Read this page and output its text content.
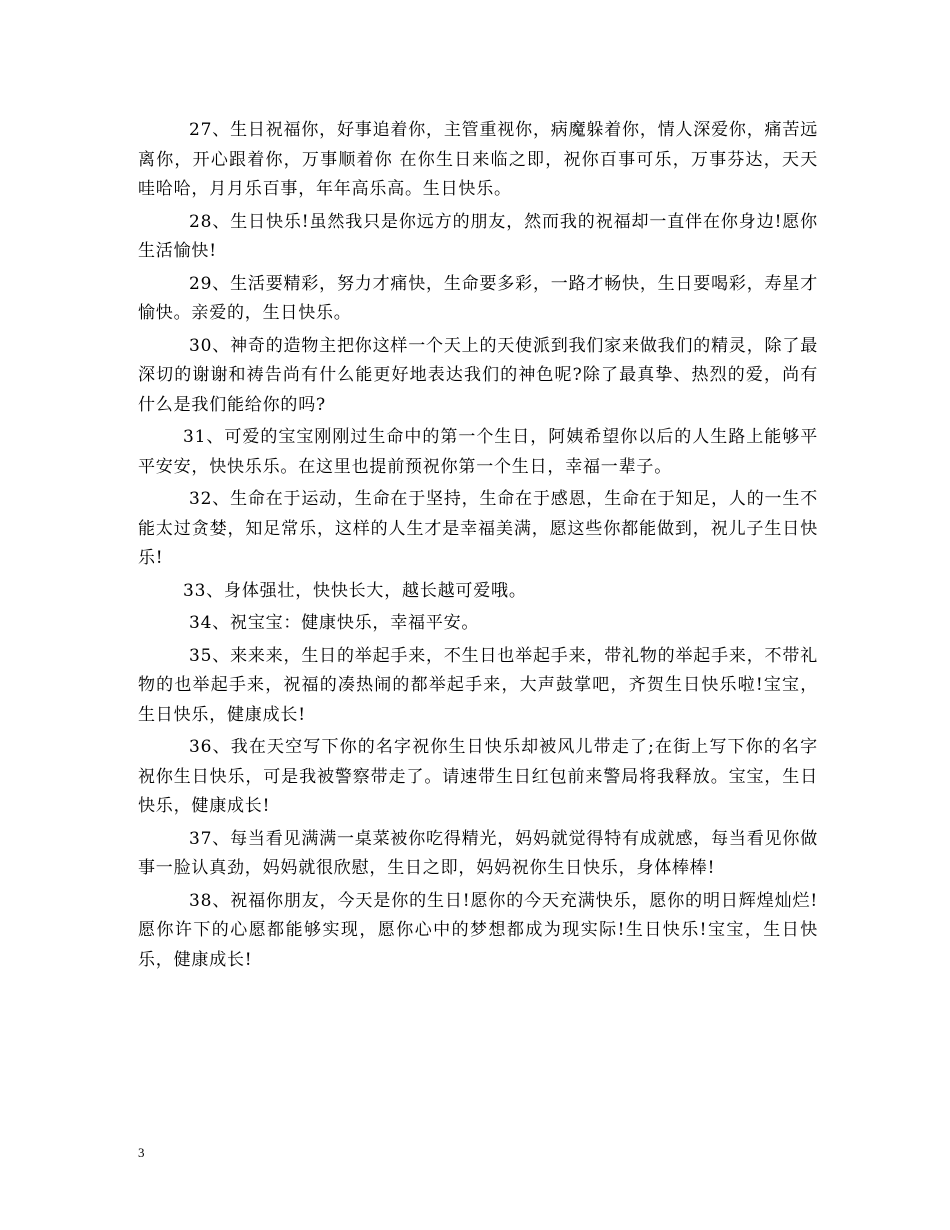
27、生日祝福你，好事追着你，主管重视你，病魔躲着你，情人深爱你，痛苦远离你，开心跟着你，万事顺着你 在你生日来临之即，祝你百事可乐，万事芬达，天天哇哈哈，月月乐百事，年年高乐高。生日快乐。

28、生日快乐!虽然我只是你远方的朋友，然而我的祝福却一直伴在你身边!愿你生活愉快!

29、生活要精彩，努力才痛快，生命要多彩，一路才畅快，生日要喝彩，寿星才愉快。亲爱的，生日快乐。

30、神奇的造物主把你这样一个天上的天使派到我们家来做我们的精灵，除了最深切的谢谢和祷告尚有什么能更好地表达我们的神色呢?除了最真挚、热烈的爱，尚有什么是我们能给你的吗?

31、可爱的宝宝刚刚过生命中的第一个生日，阿姨希望你以后的人生路上能够平平安安，快快乐乐。在这里也提前预祝你第一个生日，幸福一辈子。

32、生命在于运动，生命在于坚持，生命在于感恩，生命在于知足，人的一生不能太过贪婪，知足常乐，这样的人生才是幸福美满，愿这些你都能做到，祝儿子生日快乐!

33、身体强壮，快快长大，越长越可爱哦。

34、祝宝宝：健康快乐，幸福平安。

35、来来来，生日的举起手来，不生日也举起手来，带礼物的举起手来，不带礼物的也举起手来，祝福的凑热闹的都举起手来，大声鼓掌吧，齐贺生日快乐啦!宝宝，生日快乐，健康成长!

36、我在天空写下你的名字祝你生日快乐却被风儿带走了;在街上写下你的名字祝你生日快乐，可是我被警察带走了。请速带生日红包前来警局将我释放。宝宝，生日快乐，健康成长!

37、每当看见满满一桌菜被你吃得精光，妈妈就觉得特有成就感，每当看见你做事一脸认真劲，妈妈就很欣慰，生日之即，妈妈祝你生日快乐，身体棒棒!

38、祝福你朋友，今天是你的生日!愿你的今天充满快乐，愿你的明日辉煌灿烂!愿你许下的心愿都能够实现，愿你心中的梦想都成为现实际!生日快乐!宝宝，生日快乐，健康成长!

3
